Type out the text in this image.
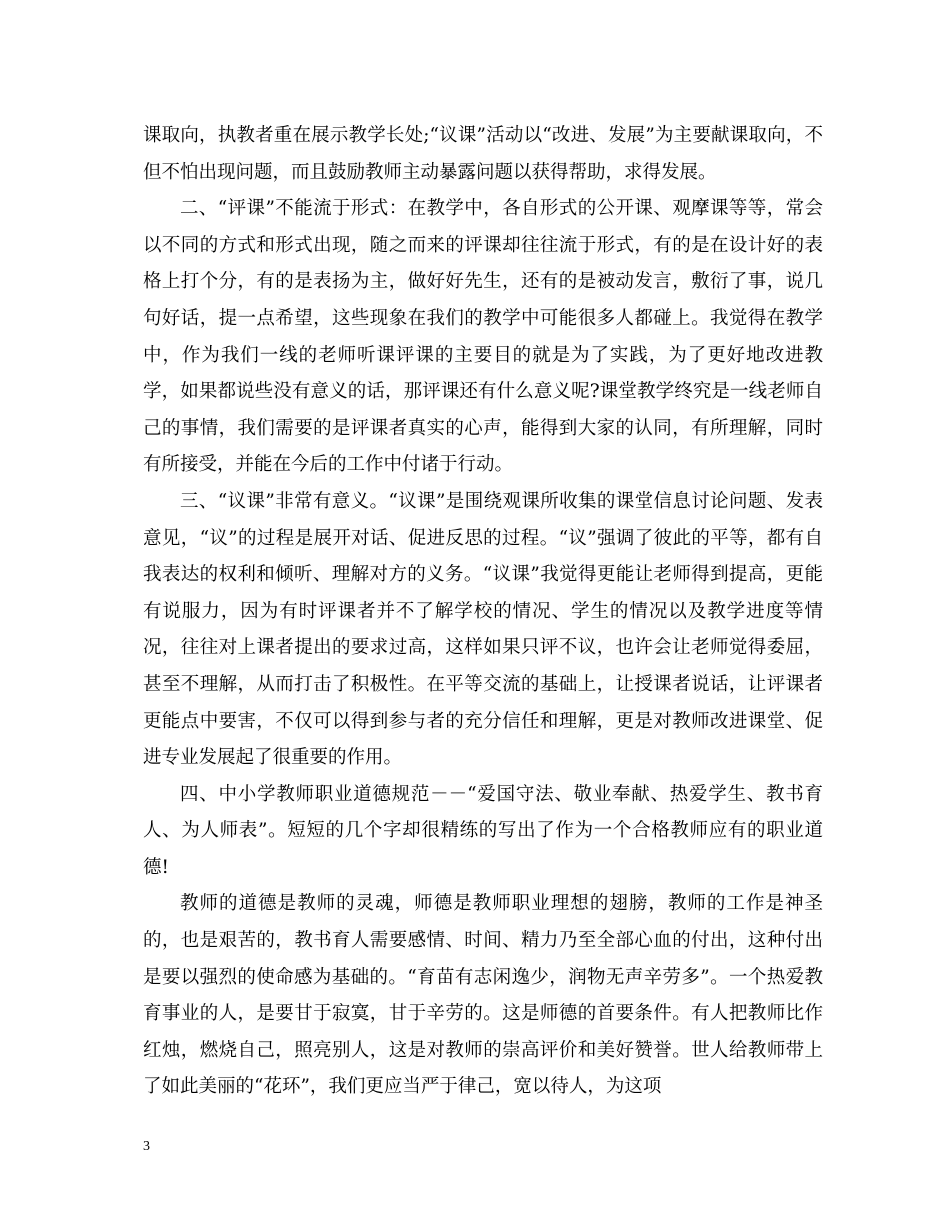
课取向，执教者重在展示教学长处;“议课”活动以“改进、发展”为主要献课取向，不但不怕出现问题，而且鼓励教师主动暴露问题以获得帮助，求得发展。

二、“评课”不能流于形式：在教学中，各自形式的公开课、观摩课等等，常会以不同的方式和形式出现，随之而来的评课却往往流于形式，有的是在设计好的表格上打个分，有的是表扬为主，做好好先生，还有的是被动发言，敷衍了事，说几句好话，提一点希望，这些现象在我们的教学中可能很多人都碰上。我觉得在教学中，作为我们一线的老师听课评课的主要目的就是为了实践，为了更好地改进教学，如果都说些没有意义的话，那评课还有什么意义呢?课堂教学终究是一线老师自己的事情，我们需要的是评课者真实的心声，能得到大家的认同，有所理解，同时有所接受，并能在今后的工作中付诸于行动。

三、“议课”非常有意义。“议课”是围绕观课所收集的课堂信息讨论问题、发表意见，“议”的过程是展开对话、促进反思的过程。“议”强调了彼此的平等，都有自我表达的权利和倾听、理解对方的义务。“议课”我觉得更能让老师得到提高，更能有说服力，因为有时评课者并不了解学校的情况、学生的情况以及教学进度等情况，往往对上课者提出的要求过高，这样如果只评不议，也许会让老师觉得委屈，甚至不理解，从而打击了积极性。在平等交流的基础上，让授课者说话，让评课者更能点中要害，不仅可以得到参与者的充分信任和理解，更是对教师改进课堂、促进专业发展起了很重要的作用。

四、中小学教师职业道德规范－－“爱国守法、敬业奉献、热爱学生、教书育人、为人师表”。短短的几个字却很精练的写出了作为一个合格教师应有的职业道德!

教师的道德是教师的灵魂，师德是教师职业理想的翅膀，教师的工作是神圣的，也是艰苦的，教书育人需要感情、时间、精力乃至全部心血的付出，这种付出是要以强烈的使命感为基础的。“育苗有志闲逸少，润物无声辛劳多”。一个热爱教育事业的人，是要甘于寂寞，甘于辛劳的。这是师德的首要条件。有人把教师比作红烛，燃烧自己，照亮别人，这是对教师的崇高评价和美好赞誉。世人给教师带上了如此美丽的“花环”，我们更应当严于律己，宽以待人，为这项

3
